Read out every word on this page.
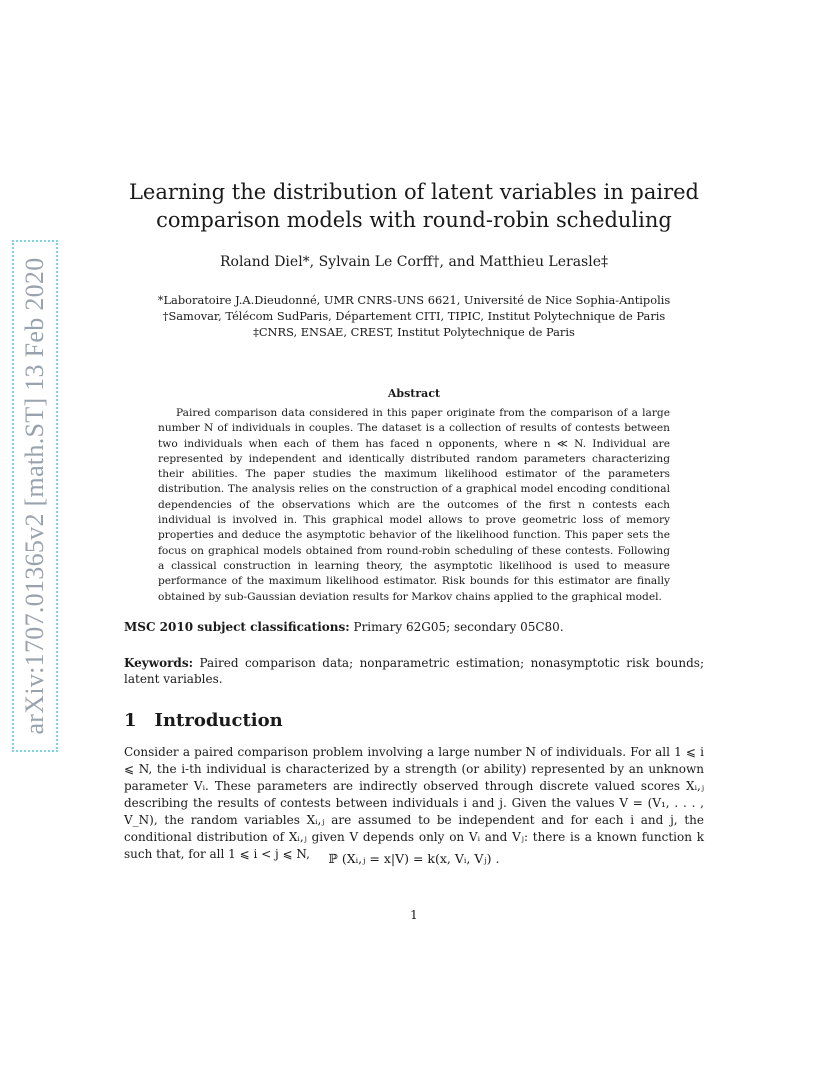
arXiv:1707.01365v2 [math.ST] 13 Feb 2020
Learning the distribution of latent variables in paired
comparison models with round-robin scheduling
Roland Diel*, Sylvain Le Corff†, and Matthieu Lerasle‡
*Laboratoire J.A.Dieudonné, UMR CNRS-UNS 6621, Université de Nice Sophia-Antipolis
†Samovar, Télécom SudParis, Département CITI, TIPIC, Institut Polytechnique de Paris
‡CNRS, ENSAE, CREST, Institut Polytechnique de Paris
Abstract
Paired comparison data considered in this paper originate from the comparison of a large number N of individuals in couples. The dataset is a collection of results of contests between two individuals when each of them has faced n opponents, where n ≪ N. Individual are represented by independent and identically distributed random parameters characterizing their abilities. The paper studies the maximum likelihood estimator of the parameters distribution. The analysis relies on the construction of a graphical model encoding conditional dependencies of the observations which are the outcomes of the first n contests each individual is involved in. This graphical model allows to prove geometric loss of memory properties and deduce the asymptotic behavior of the likelihood function. This paper sets the focus on graphical models obtained from round-robin scheduling of these contests. Following a classical construction in learning theory, the asymptotic likelihood is used to measure performance of the maximum likelihood estimator. Risk bounds for this estimator are finally obtained by sub-Gaussian deviation results for Markov chains applied to the graphical model.
MSC 2010 subject classifications: Primary 62G05; secondary 05C80.
Keywords: Paired comparison data; nonparametric estimation; nonasymptotic risk bounds; latent variables.
1 Introduction
Consider a paired comparison problem involving a large number N of individuals. For all 1 ⩽ i ⩽ N, the i-th individual is characterized by a strength (or ability) represented by an unknown parameter Vᵢ. These parameters are indirectly observed through discrete valued scores Xᵢ,ⱼ describing the results of contests between individuals i and j. Given the values V = (V₁, . . . , V_N), the random variables Xᵢ,ⱼ are assumed to be independent and for each i and j, the conditional distribution of Xᵢ,ⱼ given V depends only on Vᵢ and Vⱼ: there is a known function k such that, for all 1 ⩽ i < j ⩽ N,	ℙ (Xᵢ,ⱼ = x|V) = k(x, Vᵢ, Vⱼ) .
1
